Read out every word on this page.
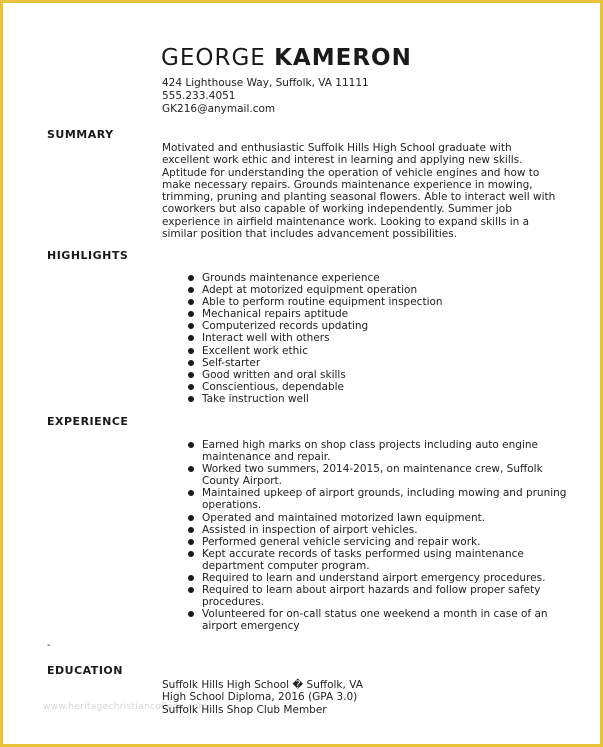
GEORGE KAMERON
424 Lighthouse Way, Suffolk, VA 11111
555.233.4051
GK216@anymail.com
SUMMARY
Motivated and enthusiastic Suffolk Hills High School graduate with excellent work ethic and interest in learning and applying new skills. Aptitude for understanding the operation of vehicle engines and how to make necessary repairs. Grounds maintenance experience in mowing, trimming, pruning and planting seasonal flowers. Able to interact well with coworkers but also capable of working independently. Summer job experience in airfield maintenance work. Looking to expand skills in a similar position that includes advancement possibilities.
HIGHLIGHTS
Grounds maintenance experience
Adept at motorized equipment operation
Able to perform routine equipment inspection
Mechanical repairs aptitude
Computerized records updating
Interact well with others
Excellent work ethic
Self-starter
Good written and oral skills
Conscientious, dependable
Take instruction well
EXPERIENCE
Earned high marks on shop class projects including auto engine maintenance and repair.
Worked two summers, 2014-2015, on maintenance crew, Suffolk County Airport.
Maintained upkeep of airport grounds, including mowing and pruning operations.
Operated and maintained motorized lawn equipment.
Assisted in inspection of airport vehicles.
Performed general vehicle servicing and repair work.
Kept accurate records of tasks performed using maintenance department computer program.
Required to learn and understand airport emergency procedures.
Required to learn about airport hazards and follow proper safety procedures.
Volunteered for on-call status one weekend a month in case of an airport emergency
-
EDUCATION
www.heritagechristiancollege.com
Suffolk Hills High School � Suffolk, VA
High School Diploma, 2016 (GPA 3.0)
Suffolk Hills Shop Club Member
